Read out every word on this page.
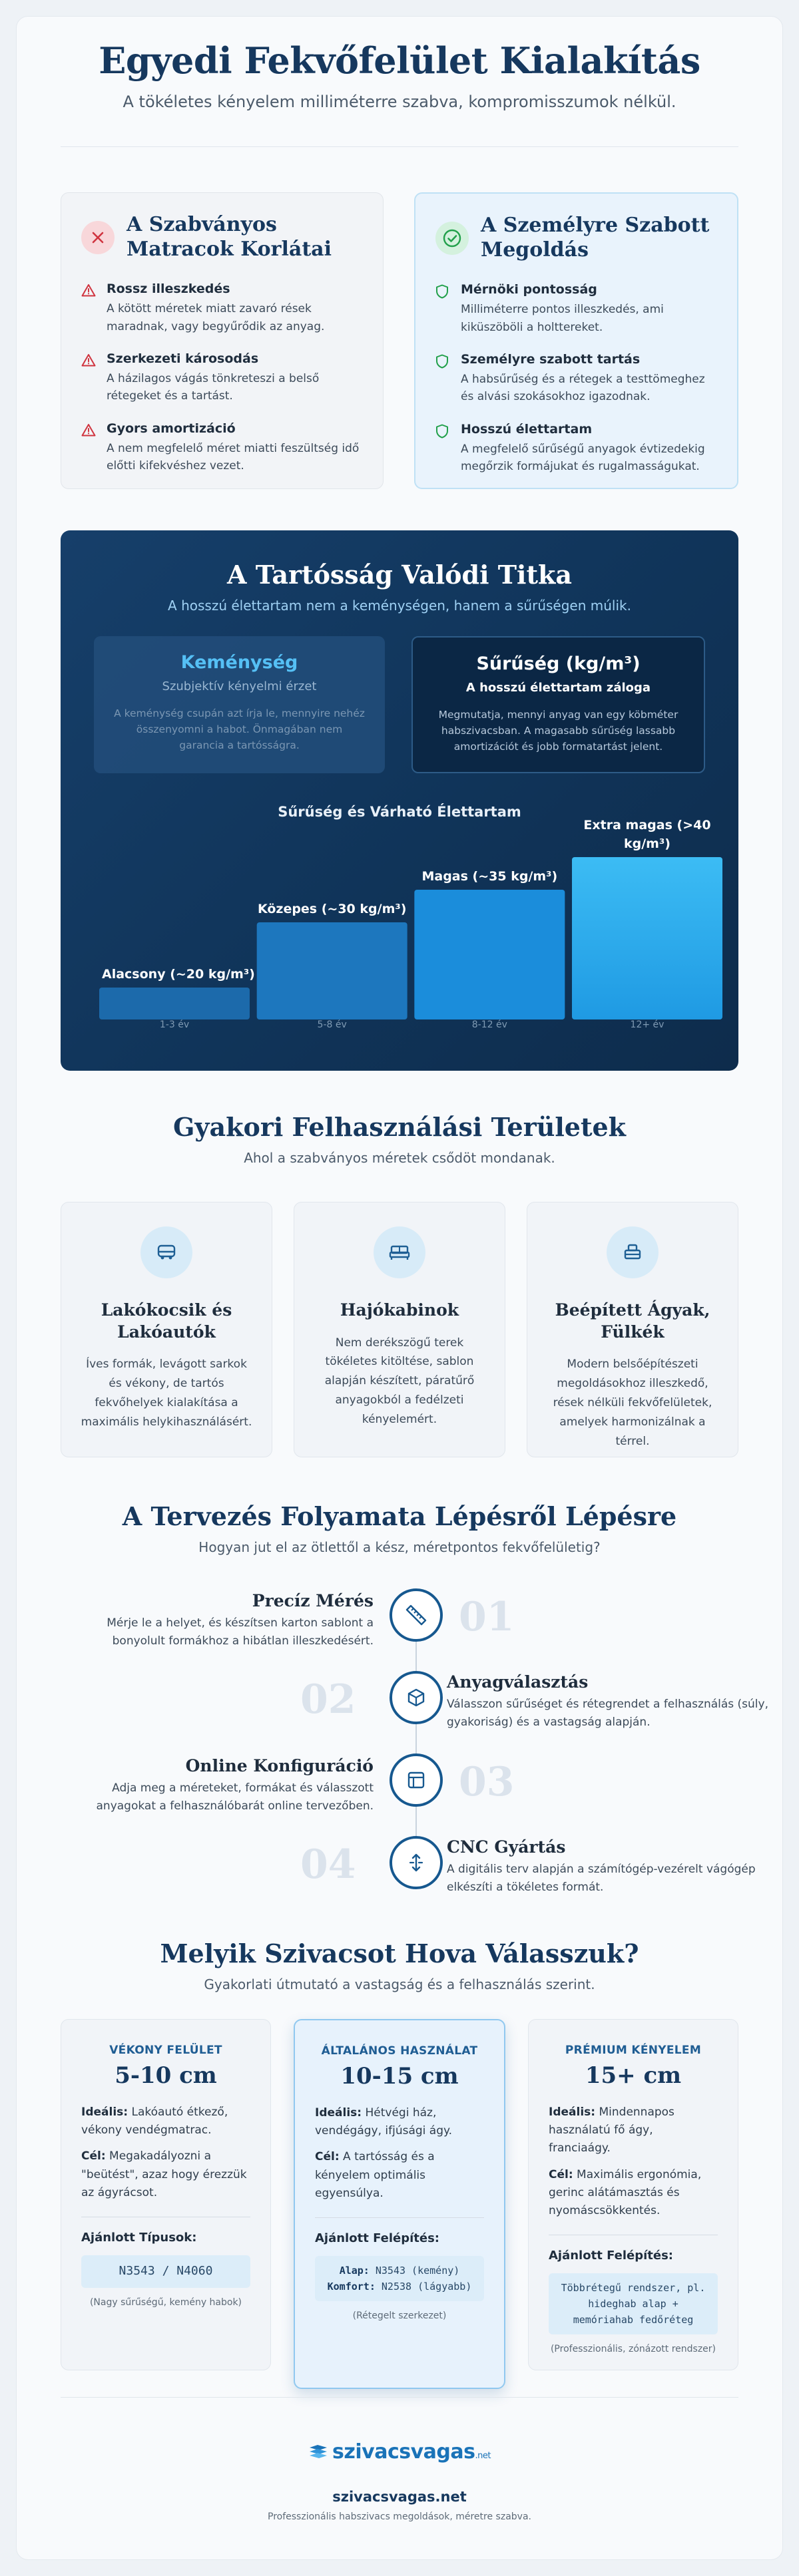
Egyedi Fekvőfelület Kialakítás

A tökéletes kényelem milliméterre szabva, kompromisszumok nélkül.

A Szabványos Matracok Korlátai
Rossz illeszkedés

A kötött méretek miatt zavaró rések maradnak, vagy begyűrődik az anyag.

Szerkezeti károsodás

A házilagos vágás tönkreteszi a belső rétegeket és a tartást.

Gyors amortizáció

A nem megfelelő méret miatti feszültség idő előtti kifekvéshez vezet.

A Személyre Szabott Megoldás
Mérnöki pontosság

Milliméterre pontos illeszkedés, ami kiküszöböli a holttereket.

Személyre szabott tartás

A habsűrűség és a rétegek a testtömeghez és alvási szokásokhoz igazodnak.

Hosszú élettartam

A megfelelő sűrűségű anyagok évtizedekig megőrzik formájukat és rugalmasságukat.

A Tartósság Valódi Titka
A hosszú élettartam nem a keménységen, hanem a sűrűségen múlik.
Keménység
Szubjektív kényelmi érzet
A keménység csupán azt írja le, mennyire nehéz összenyomni a habot. Önmagában nem garancia a tartósságra.
Sűrűség (kg/m³)
A hosszú élettartam záloga
Megmutatja, mennyi anyag van egy köbméter habszivacsban. A magasabb sűrűség lassabb amortizációt és jobb formatartást jelent.
Sűrűség és Várható Élettartam
Alacsony (~20 kg/m³)
1-3 év
Közepes (~30 kg/m³)
5-8 év
Magas (~35 kg/m³)
8-12 év
Extra magas (>40
kg/m³)
12+ év
Gyakori Felhasználási Területek
Ahol a szabványos méretek csődöt mondanak.
Lakókocsik és Lakóautók

Íves formák, levágott sarkok és vékony, de tartós fekvőhelyek kialakítása a maximális helykihasználásért.

Hajókabinok

Nem derékszögű terek tökéletes kitöltése, sablon alapján készített, páratűrő anyagokból a fedélzeti kényelemért.

Beépített Ágyak, Fülkék

Modern belsőépítészeti megoldásokhoz illeszkedő, rések nélküli fekvőfelületek, amelyek harmonizálnak a térrel.

A Tervezés Folyamata Lépésről Lépésre
Hogyan jut el az ötlettől a kész, méretpontos fekvőfelületig?
Precíz Mérés

Mérje le a helyet, és készítsen karton sablont a bonyolult formákhoz a hibátlan illeszkedésért.

01
02	Anyagválasztás

Válasszon sűrűséget és rétegrendet a felhasználás (súly, gyakoriság) és a vastagság alapján.

Online Konfiguráció

Adja meg a méreteket, formákat és válasszott anyagokat a felhasználóbarát online tervezőben.

03
04	CNC Gyártás

A digitális terv alapján a számítógép-vezérelt vágógép elkészíti a tökéletes formát.

Melyik Szivacsot Hova Válasszuk?
Gyakorlati útmutató a vastagság és a felhasználás szerint.
VÉKONY FELÜLET
5-10 cm
Ideális: Lakóautó étkező, vékony vendégmatrac.
Cél: Megakadályozni a "beütést", azaz hogy érezzük az ágyrácsot.
Ajánlott Típusok:
N3543 / N4060
(Nagy sűrűségű, kemény habok)
ÁLTALÁNOS HASZNÁLAT
10-15 cm
Ideális: Hétvégi ház, vendégágy, ifjúsági ágy.
Cél: A tartósság és a kényelem optimális egyensúlya.
Ajánlott Felépítés:
Alap: N3543 (kemény)
Komfort: N2538 (lágyabb)
(Rétegelt szerkezet)
PRÉMIUM KÉNYELEM
15+ cm
Ideális: Mindennapos használatú fő ágy, franciaágy.
Cél: Maximális ergonómia, gerinc alátámasztás és nyomáscsökkentés.
Ajánlott Felépítés:
Többrétegű rendszer, pl. hideghab alap + memóriahab fedőréteg
(Professzionális, zónázott rendszer)
szivacsvagas.net
szivacsvagas.net
Professzionális habszivacs megoldások, méretre szabva.
